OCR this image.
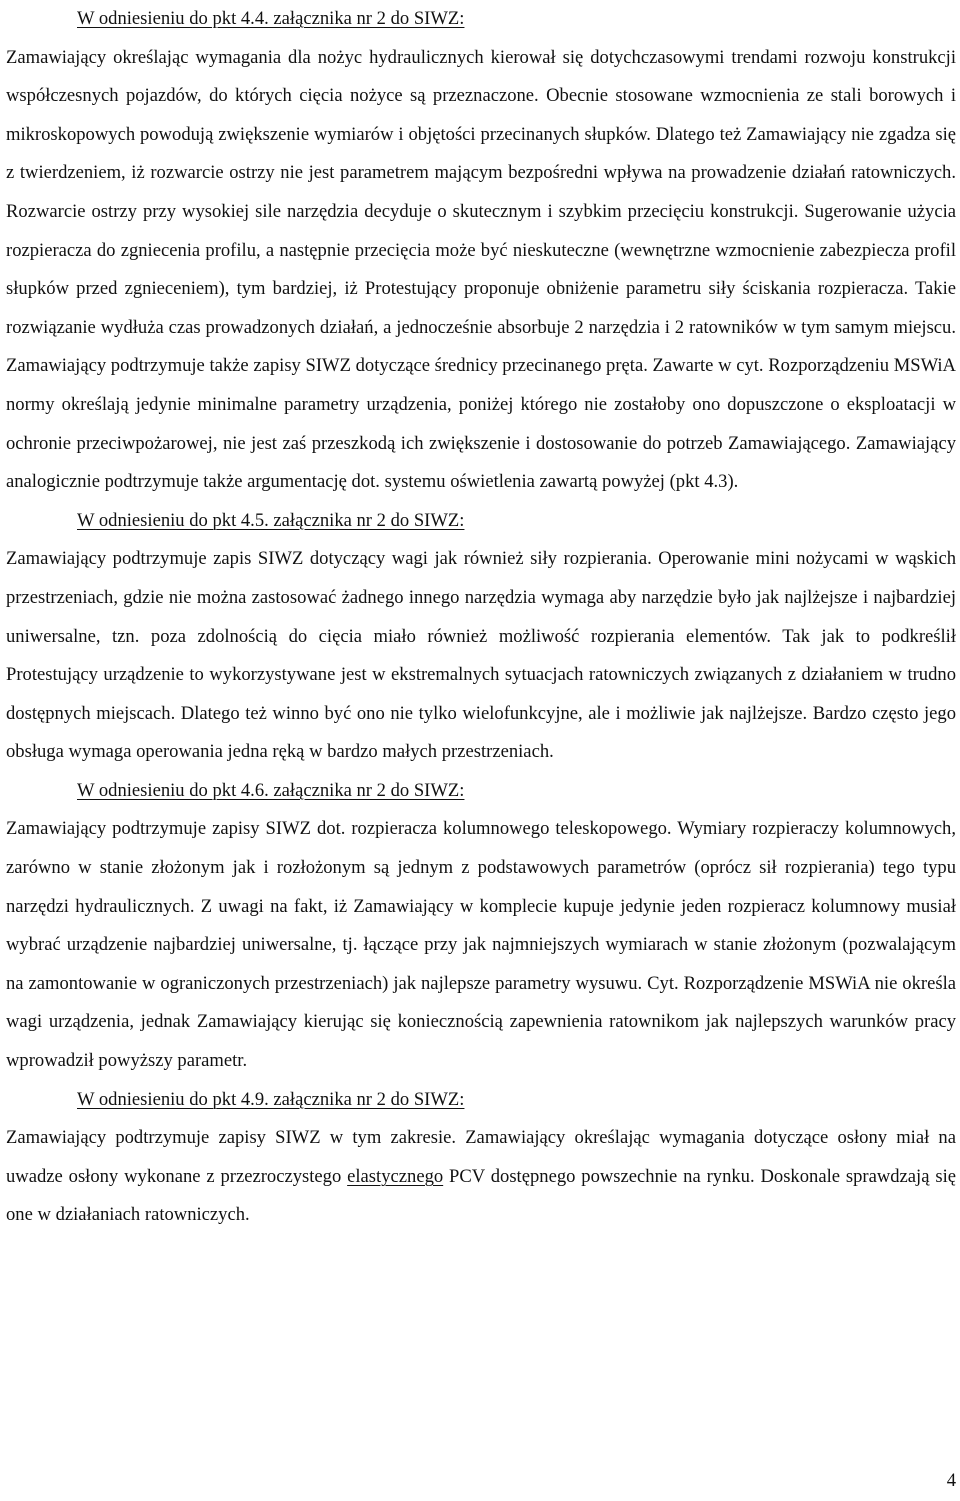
W odniesieniu do pkt 4.4. załącznika nr 2 do SIWZ:

Zamawiający określając wymagania dla nożyc hydraulicznych kierował się dotychczasowymi trendami rozwoju konstrukcji współczesnych pojazdów, do których cięcia nożyce są przeznaczone. Obecnie stosowane wzmocnienia ze stali borowych i mikroskopowych powodują zwiększenie wymiarów i objętości przecinanych słupków. Dlatego też Zamawiający nie zgadza się z twierdzeniem, iż rozwarcie ostrzy nie jest parametrem mającym bezpośredni wpływa na prowadzenie działań ratowniczych. Rozwarcie ostrzy przy wysokiej sile narzędzia decyduje o skutecznym i szybkim przecięciu konstrukcji. Sugerowanie użycia rozpieracza do zgniecenia profilu, a następnie przecięcia może być nieskuteczne (wewnętrzne wzmocnienie zabezpiecza profil słupków przed zgnieceniem), tym bardziej, iż Protestujący proponuje obniżenie parametru siły ściskania rozpieracza. Takie rozwiązanie wydłuża czas prowadzonych działań, a jednocześnie absorbuje 2 narzędzia i 2 ratowników w tym samym miejscu. Zamawiający podtrzymuje także zapisy SIWZ dotyczące średnicy przecinanego pręta. Zawarte w cyt. Rozporządzeniu MSWiA normy określają jedynie minimalne parametry urządzenia, poniżej którego nie zostałoby ono dopuszczone o eksploatacji w ochronie przeciwpożarowej, nie jest zaś przeszkodą ich zwiększenie i dostosowanie do potrzeb Zamawiającego. Zamawiający analogicznie podtrzymuje także argumentację dot. systemu oświetlenia zawartą powyżej (pkt 4.3).

W odniesieniu do pkt 4.5. załącznika nr 2 do SIWZ:

Zamawiający podtrzymuje zapis SIWZ dotyczący wagi jak również siły rozpierania. Operowanie mini nożycami w wąskich przestrzeniach, gdzie nie można zastosować żadnego innego narzędzia wymaga aby narzędzie było jak najlżejsze i najbardziej uniwersalne, tzn. poza zdolnością do cięcia miało również możliwość rozpierania elementów. Tak jak to podkreślił Protestujący urządzenie to wykorzystywane jest w ekstremalnych sytuacjach ratowniczych związanych z działaniem w trudno dostępnych miejscach. Dlatego też winno być ono nie tylko wielofunkcyjne, ale i możliwie jak najlżejsze. Bardzo często jego obsługa wymaga operowania jedna ręką w bardzo małych przestrzeniach.

W odniesieniu do pkt 4.6. załącznika nr 2 do SIWZ:

Zamawiający podtrzymuje zapisy SIWZ dot. rozpieracza kolumnowego teleskopowego. Wymiary rozpieraczy kolumnowych, zarówno w stanie złożonym jak i rozłożonym są jednym z podstawowych parametrów (oprócz sił rozpierania) tego typu narzędzi hydraulicznych. Z uwagi na fakt, iż Zamawiający w komplecie kupuje jedynie jeden rozpieracz kolumnowy musiał wybrać urządzenie najbardziej uniwersalne, tj. łączące przy jak najmniejszych wymiarach w stanie złożonym (pozwalającym na zamontowanie w ograniczonych przestrzeniach) jak najlepsze parametry wysuwu. Cyt. Rozporządzenie MSWiA nie określa wagi urządzenia, jednak Zamawiający kierując się koniecznością zapewnienia ratownikom jak najlepszych warunków pracy wprowadził powyższy parametr.

W odniesieniu do pkt 4.9. załącznika nr 2 do SIWZ:

Zamawiający podtrzymuje zapisy SIWZ w tym zakresie. Zamawiający określając wymagania dotyczące osłony miał na uwadze osłony wykonane z przezroczystego elastycznego PCV dostępnego powszechnie na rynku. Doskonale sprawdzają się one w działaniach ratowniczych.

4
